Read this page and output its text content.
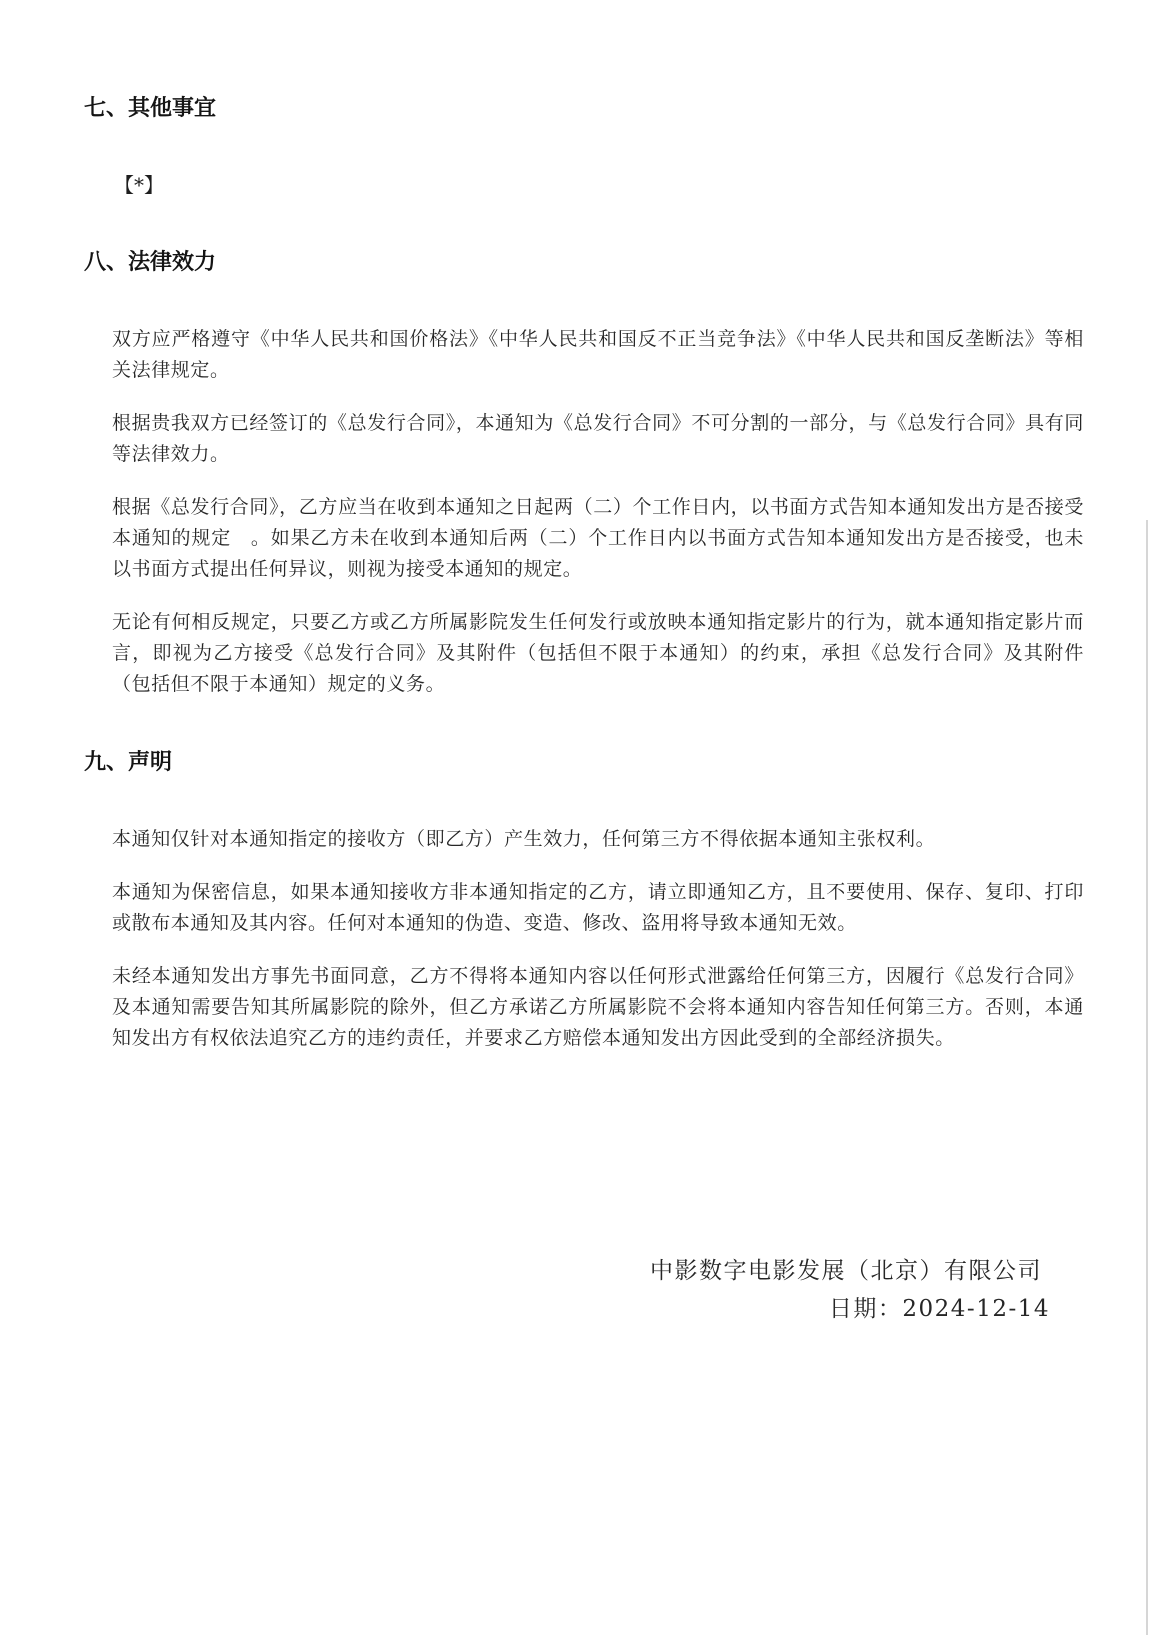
七、其他事宜

【*】

八、法律效力

双方应严格遵守《中华人民共和国价格法》《中华人民共和国反不正当竞争法》《中华人民共和国反垄断法》等相关法律规定。

根据贵我双方已经签订的《总发行合同》，本通知为《总发行合同》不可分割的一部分，与《总发行合同》具有同等法律效力。

根据《总发行合同》，乙方应当在收到本通知之日起两（二）个工作日内，以书面方式告知本通知发出方是否接受本通知的规定　。如果乙方未在收到本通知后两（二）个工作日内以书面方式告知本通知发出方是否接受，也未以书面方式提出任何异议，则视为接受本通知的规定。

无论有何相反规定，只要乙方或乙方所属影院发生任何发行或放映本通知指定影片的行为，就本通知指定影片而言，即视为乙方接受《总发行合同》及其附件（包括但不限于本通知）的约束，承担《总发行合同》及其附件（包括但不限于本通知）规定的义务。

九、声明

本通知仅针对本通知指定的接收方（即乙方）产生效力，任何第三方不得依据本通知主张权利。

本通知为保密信息，如果本通知接收方非本通知指定的乙方，请立即通知乙方，且不要使用、保存、复印、打印或散布本通知及其内容。任何对本通知的伪造、变造、修改、盗用将导致本通知无效。

未经本通知发出方事先书面同意，乙方不得将本通知内容以任何形式泄露给任何第三方，因履行《总发行合同》及本通知需要告知其所属影院的除外，但乙方承诺乙方所属影院不会将本通知内容告知任何第三方。否则，本通知发出方有权依法追究乙方的违约责任，并要求乙方赔偿本通知发出方因此受到的全部经济损失。

中影数字电影发展（北京）有限公司
日期：2024-12-14
